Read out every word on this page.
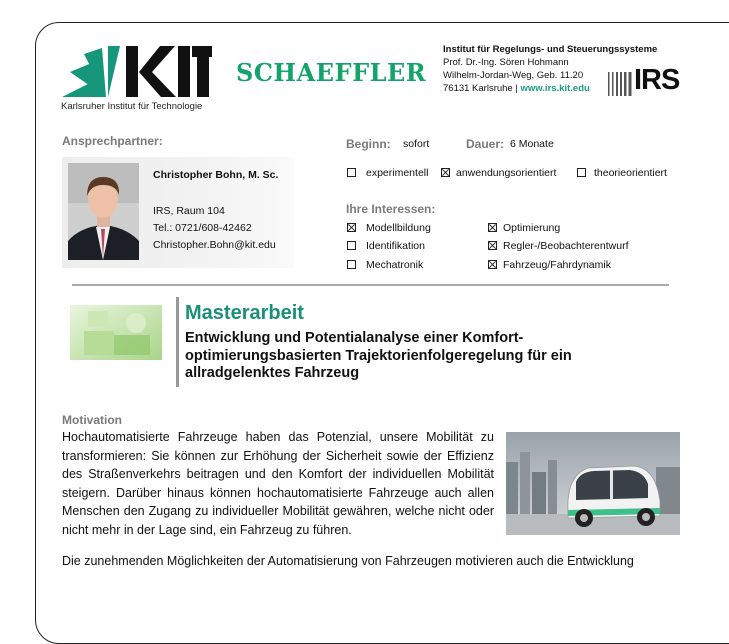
Karlsruher Institut für Technologie
SCHAEFFLER
Institut für Regelungs- und Steuerungssysteme
Prof. Dr.-Ing. Sören Hohmann
Wilhelm-Jordan-Weg, Geb. 11.20
76131 Karlsruhe | www.irs.kit.edu	IRS
Ansprechpartner:
Christopher Bohn, M. Sc.
IRS, Raum 104
Tel.: 0721/608-42462
Christopher.Bohn@kit.edu
Beginn: sofort	Dauer: 6 Monate
experimentell	anwendungsorientiert	theorieorientiert
Ihre Interessen:
Modellbildung	Optimierung
Identifikation	Regler-/Beobachterentwurf
Mechatronik	Fahrzeug/Fahrdynamik
Masterarbeit
Entwicklung und Potentialanalyse einer Komfort-optimierungsbasierten Trajektorienfolgeregelung für ein allradgelenktes Fahrzeug
Motivation
Hochautomatisierte Fahrzeuge haben das Potenzial, unsere Mobilität zu transformieren: Sie können zur Erhöhung der Sicherheit sowie der Effizienz des Straßenverkehrs beitragen und den Komfort der individuellen Mobilität steigern. Darüber hinaus können hochautomatisierte Fahrzeuge auch allen Menschen den Zugang zu individueller Mobilität gewähren, welche nicht oder nicht mehr in der Lage sind, ein Fahrzeug zu führen.
Die zunehmenden Möglichkeiten der Automatisierung von Fahrzeugen motivieren auch die Entwicklung
